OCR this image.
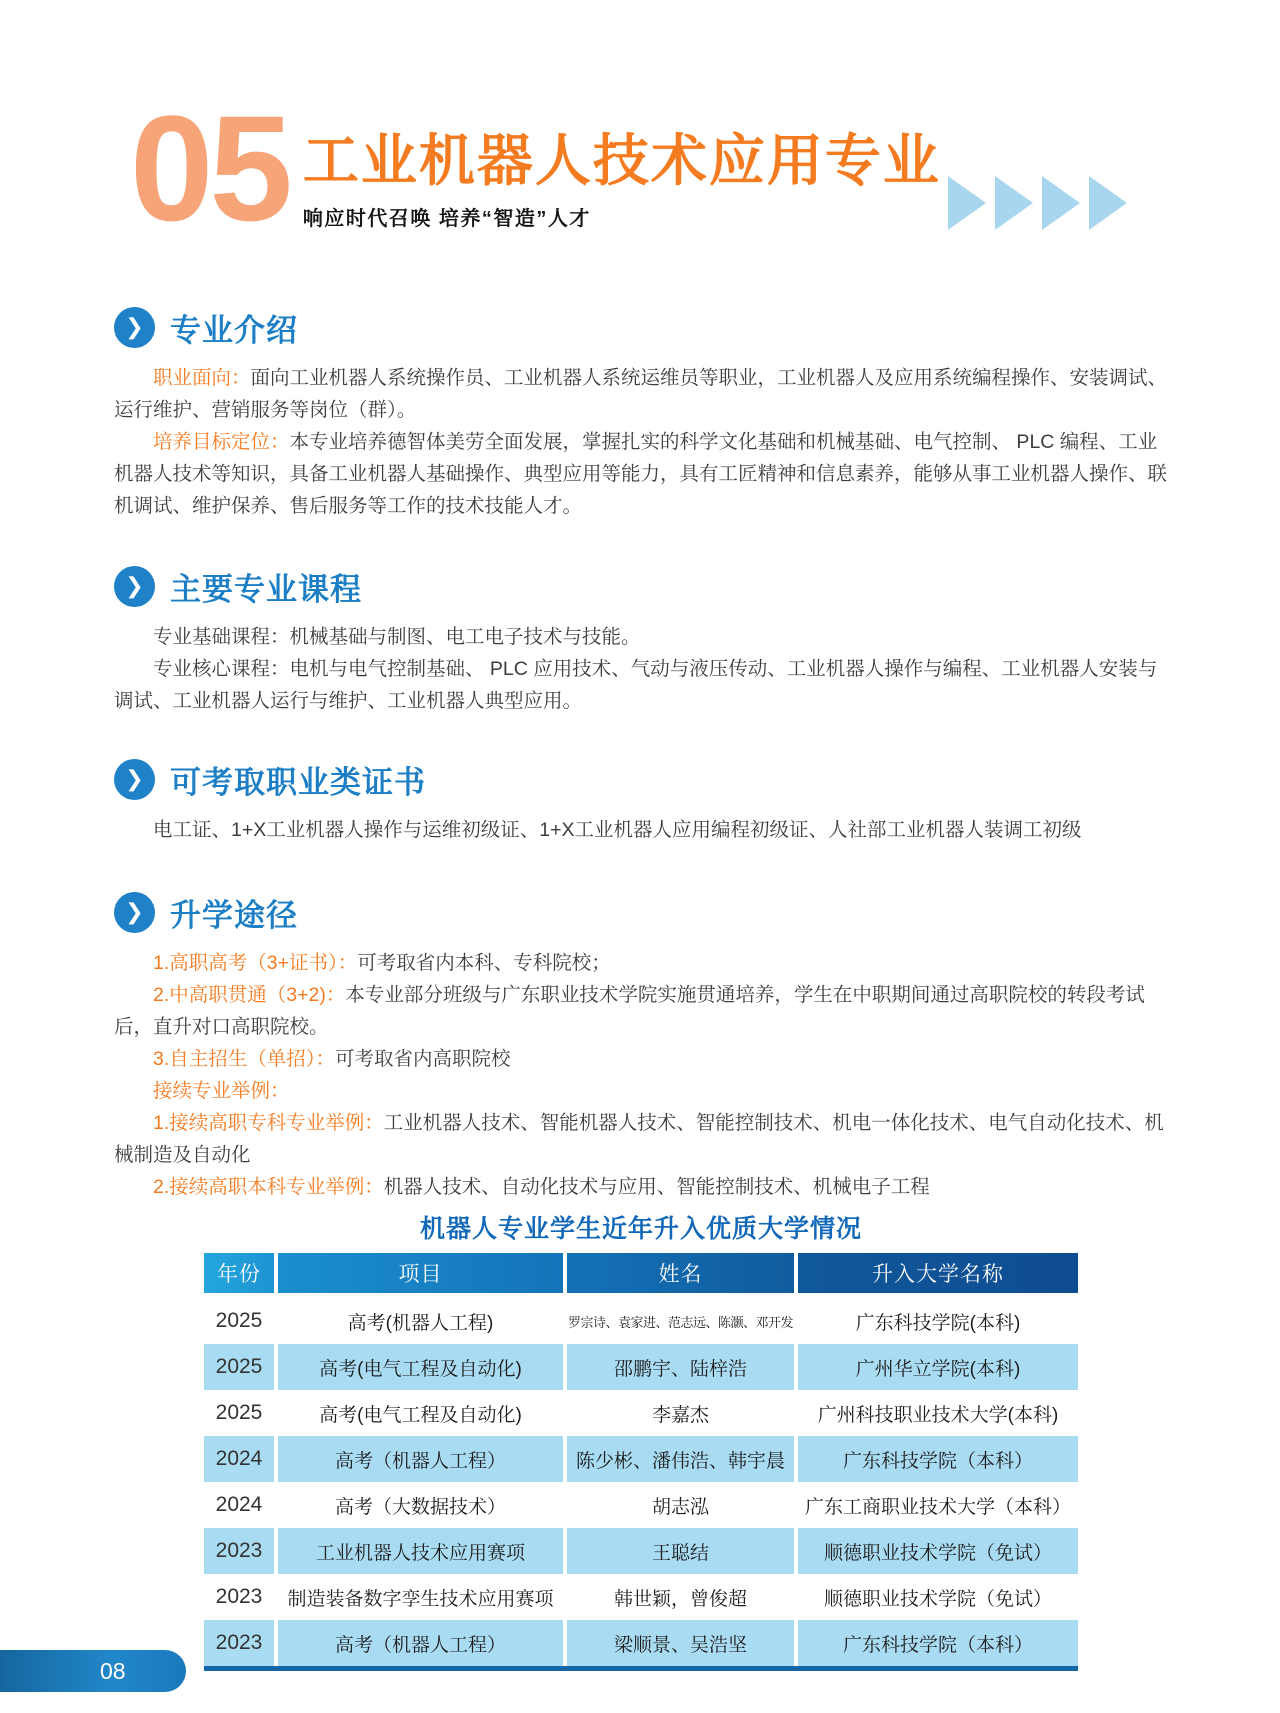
05 工业机器人技术应用专业
响应时代召唤 培养“智造”人才
❯ 专业介绍

职业面向：面向工业机器人系统操作员、工业机器人系统运维员等职业，工业机器人及应用系统编程操作、安装调试、运行维护、营销服务等岗位（群）。

培养目标定位：本专业培养德智体美劳全面发展，掌握扎实的科学文化基础和机械基础、电气控制、 PLC 编程、工业机器人技术等知识，具备工业机器人基础操作、典型应用等能力，具有工匠精神和信息素养，能够从事工业机器人操作、联机调试、维护保养、售后服务等工作的技术技能人才。

❯ 主要专业课程

专业基础课程：机械基础与制图、电工电子技术与技能。

专业核心课程：电机与电气控制基础、 PLC 应用技术、气动与液压传动、工业机器人操作与编程、工业机器人安装与调试、工业机器人运行与维护、工业机器人典型应用。

❯ 可考取职业类证书

电工证、1+X工业机器人操作与运维初级证、1+X工业机器人应用编程初级证、人社部工业机器人装调工初级

❯ 升学途径

1.高职高考（3+证书）：可考取省内本科、专科院校；

2.中高职贯通（3+2)：本专业部分班级与广东职业技术学院实施贯通培养，学生在中职期间通过高职院校的转段考试后，直升对口高职院校。

3.自主招生（单招）：可考取省内高职院校

接续专业举例：

1.接续高职专科专业举例：工业机器人技术、智能机器人技术、智能控制技术、机电一体化技术、电气自动化技术、机械制造及自动化

2.接续高职本科专业举例：机器人技术、自动化技术与应用、智能控制技术、机械电子工程

机器人专业学生近年升入优质大学情况
年份	项目	姓名	升入大学名称
2025	高考(机器人工程)	罗宗诗、袁家进、范志远、陈灏、邓开发	广东科技学院(本科)
2025	高考(电气工程及自动化)	邵鹏宇、陆梓浩	广州华立学院(本科)
2025	高考(电气工程及自动化)	李嘉杰	广州科技职业技术大学(本科)
2024	高考（机器人工程）	陈少彬、潘伟浩、韩宇晨	广东科技学院（本科）
2024	高考（大数据技术）	胡志泓	广东工商职业技术大学（本科）
2023	工业机器人技术应用赛项	王聪结	顺德职业技术学院（免试）
2023	制造装备数字孪生技术应用赛项	韩世颖，曾俊超	顺德职业技术学院（免试）
2023	高考（机器人工程）	梁顺景、吴浩坚	广东科技学院（本科）
08
